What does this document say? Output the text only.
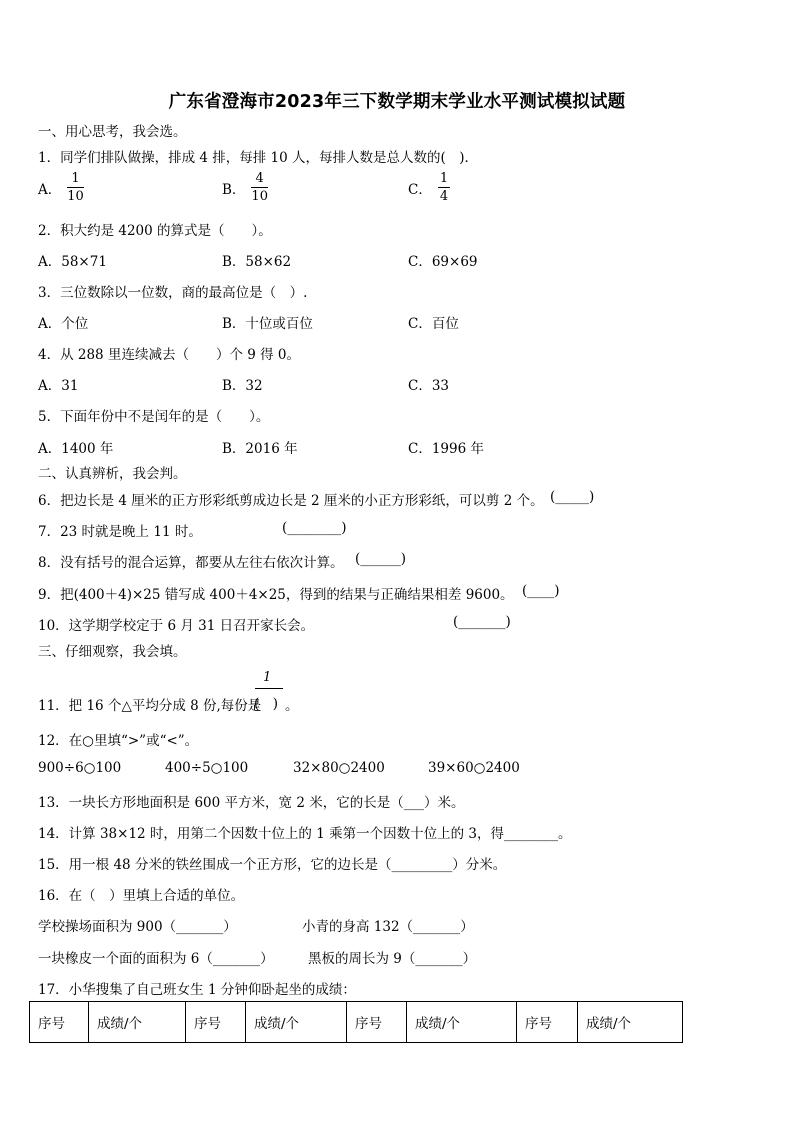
广东省澄海市2023年三下数学期末学业水平测试模拟试题
一、用心思考，我会选。
1．同学们排队做操，排成 4 排，每排 10 人，每排人数是总人数的(　)．
A． $\frac{1}{10}$	B． $\frac{4}{10}$	C． $\frac{1}{4}$
2．积大约是 4200 的算式是（　　）。
A．58×71	B．58×62	C．69×69
3．三位数除以一位数，商的最高位是（　）.
A．个位	B．十位或百位	C．百位
4．从 288 里连续减去（　　）个 9 得 0。
A．31	B．32	C．33
5．下面年份中不是闰年的是（　　）。
A．1400 年	B．2016 年	C．1996 年
二、认真辨析，我会判。
6．把边长是 4 厘米的正方形彩纸剪成边长是 2 厘米的小正方形彩纸，可以剪 2 个。 (_____)
7．23 时就是晚上 11 时。	(________)
8．没有括号的混合运算，都要从左往右依次计算。 (______)
9．把(400＋4)×25 错写成 400＋4×25，得到的结果与正确结果相差 9600。 (____)
10．这学期学校定于 6 月 31 日召开家长会。	(_______)
三、仔细观察，我会填。
11．把 16 个△平均分成 8 份,每份是
1
(　) 。
12．在○里填“>”或“<”。
900÷6○100	400÷5○100	32×80○2400	39×60○2400
13．一块长方形地面积是 600 平方米，宽 2 米，它的长是（___）米。
14．计算 38×12 时，用第二个因数十位上的 1 乘第一个因数十位上的 3，得________。
15．用一根 48 分米的铁丝围成一个正方形，它的边长是（_________）分米。
16．在（　）里填上合适的单位。
学校操场面积为 900（_______）	小青的身高 132（_______）
一块橡皮一个面的面积为 6（_______）	黑板的周长为 9（_______）
17．小华搜集了自己班女生 1 分钟仰卧起坐的成绩：
序号	成绩/个	序号	成绩/个	序号	成绩/个	序号	成绩/个
